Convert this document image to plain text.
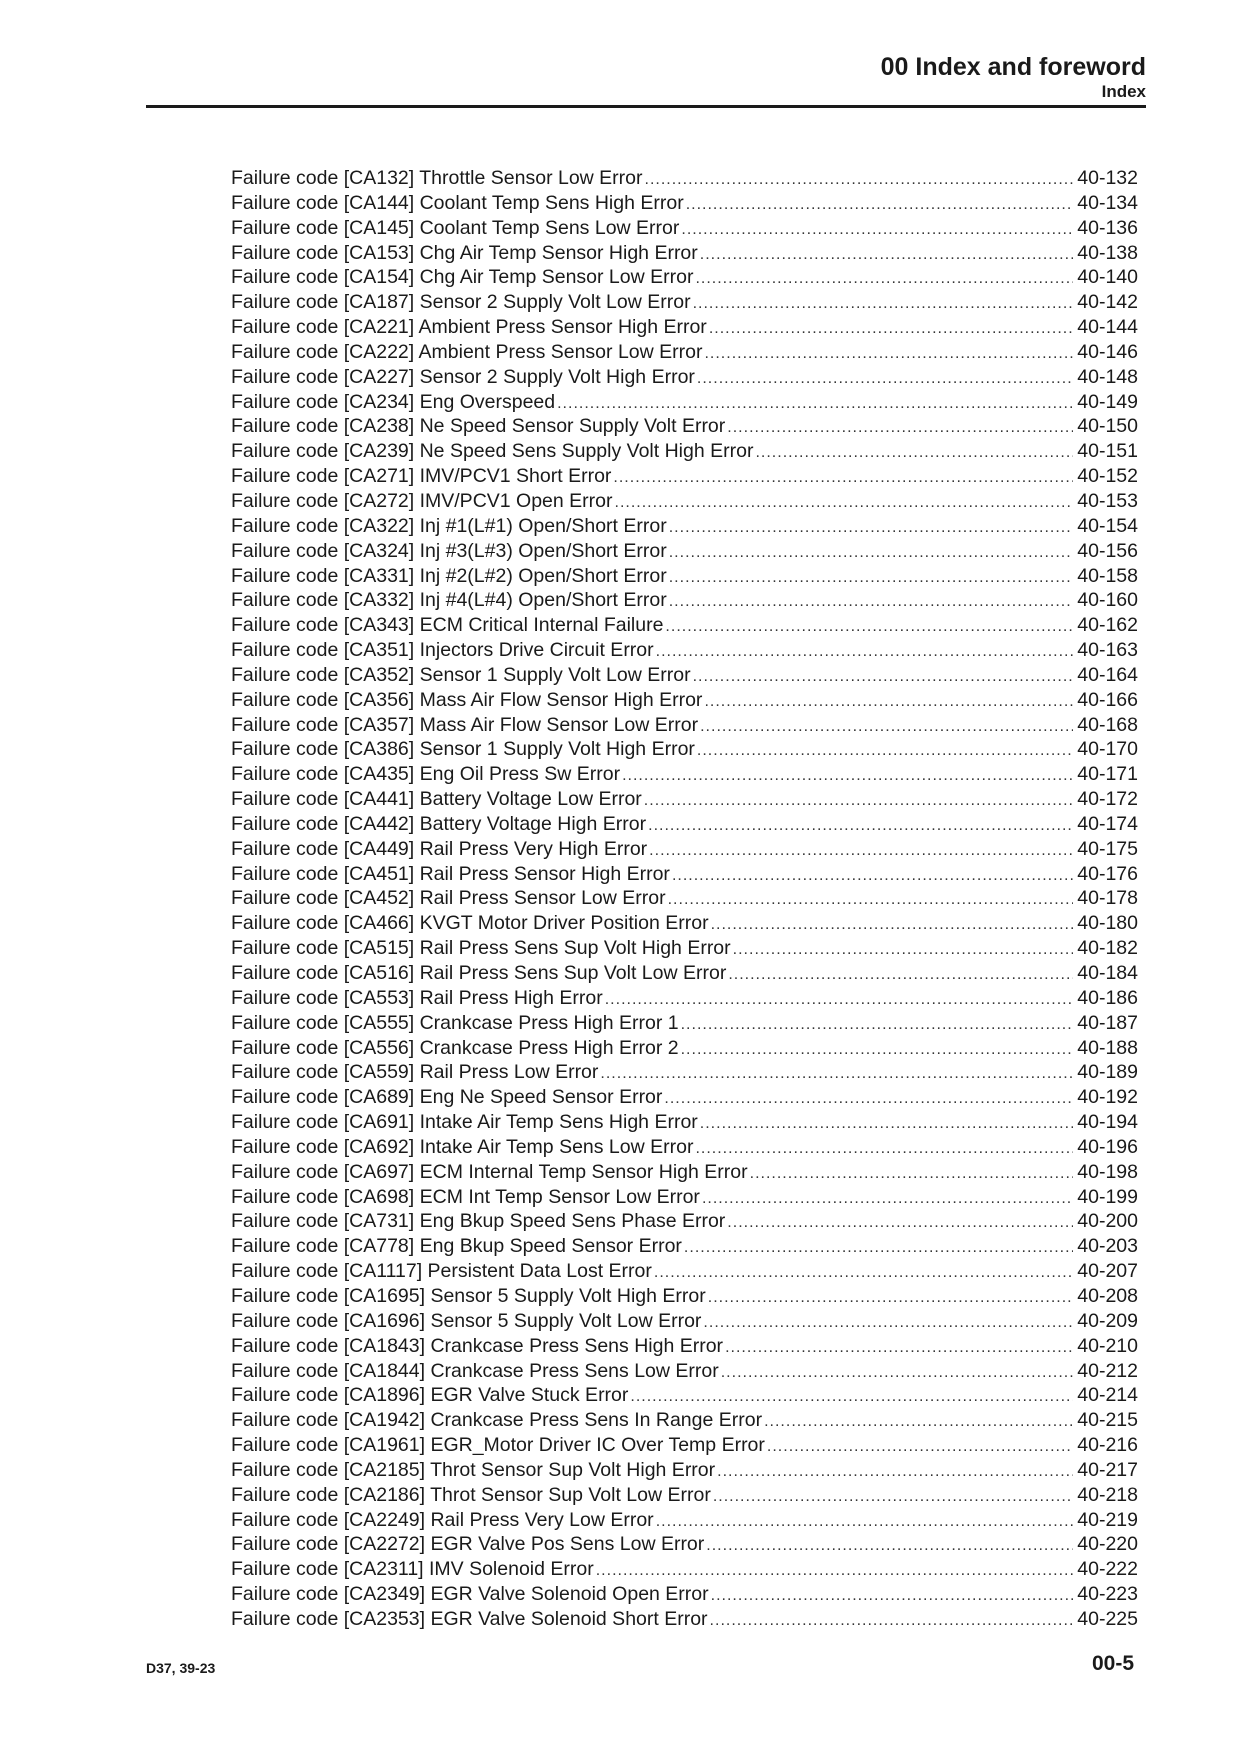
00 Index and foreword
Index
Failure code [CA132] Throttle Sensor Low Error .....	40-132
Failure code [CA144] Coolant Temp Sens High Error .....	40-134
Failure code [CA145] Coolant Temp Sens Low Error .....	40-136
Failure code [CA153] Chg Air Temp Sensor High Error .....	40-138
Failure code [CA154] Chg Air Temp Sensor Low Error .....	40-140
Failure code [CA187] Sensor 2 Supply Volt Low Error .....	40-142
Failure code [CA221] Ambient Press Sensor High Error .....	40-144
Failure code [CA222] Ambient Press Sensor Low Error .....	40-146
Failure code [CA227] Sensor 2 Supply Volt High Error .....	40-148
Failure code [CA234] Eng Overspeed .....	40-149
Failure code [CA238] Ne Speed Sensor Supply Volt Error .....	40-150
Failure code [CA239] Ne Speed Sens Supply Volt High Error .....	40-151
Failure code [CA271] IMV/PCV1 Short Error .....	40-152
Failure code [CA272] IMV/PCV1 Open Error .....	40-153
Failure code [CA322] Inj #1(L#1) Open/Short Error .....	40-154
Failure code [CA324] Inj #3(L#3) Open/Short Error .....	40-156
Failure code [CA331] Inj #2(L#2) Open/Short Error .....	40-158
Failure code [CA332] Inj #4(L#4) Open/Short Error .....	40-160
Failure code [CA343] ECM Critical Internal Failure .....	40-162
Failure code [CA351] Injectors Drive Circuit Error .....	40-163
Failure code [CA352] Sensor 1 Supply Volt Low Error .....	40-164
Failure code [CA356] Mass Air Flow Sensor High Error .....	40-166
Failure code [CA357] Mass Air Flow Sensor Low Error .....	40-168
Failure code [CA386] Sensor 1 Supply Volt High Error .....	40-170
Failure code [CA435] Eng Oil Press Sw Error .....	40-171
Failure code [CA441] Battery Voltage Low Error .....	40-172
Failure code [CA442] Battery Voltage High Error .....	40-174
Failure code [CA449] Rail Press Very High Error .....	40-175
Failure code [CA451] Rail Press Sensor High Error .....	40-176
Failure code [CA452] Rail Press Sensor Low Error .....	40-178
Failure code [CA466] KVGT Motor Driver Position Error .....	40-180
Failure code [CA515] Rail Press Sens Sup Volt High Error .....	40-182
Failure code [CA516] Rail Press Sens Sup Volt Low Error .....	40-184
Failure code [CA553] Rail Press High Error .....	40-186
Failure code [CA555] Crankcase Press High Error 1 .....	40-187
Failure code [CA556] Crankcase Press High Error 2 .....	40-188
Failure code [CA559] Rail Press Low Error .....	40-189
Failure code [CA689] Eng Ne Speed Sensor Error .....	40-192
Failure code [CA691] Intake Air Temp Sens High Error .....	40-194
Failure code [CA692] Intake Air Temp Sens Low Error .....	40-196
Failure code [CA697] ECM Internal Temp Sensor High Error .....	40-198
Failure code [CA698] ECM Int Temp Sensor Low Error .....	40-199
Failure code [CA731] Eng Bkup Speed Sens Phase Error .....	40-200
Failure code [CA778] Eng Bkup Speed Sensor Error .....	40-203
Failure code [CA1117] Persistent Data Lost Error .....	40-207
Failure code [CA1695] Sensor 5 Supply Volt High Error .....	40-208
Failure code [CA1696] Sensor 5 Supply Volt Low Error .....	40-209
Failure code [CA1843] Crankcase Press Sens High Error .....	40-210
Failure code [CA1844] Crankcase Press Sens Low Error .....	40-212
Failure code [CA1896] EGR Valve Stuck Error .....	40-214
Failure code [CA1942] Crankcase Press Sens In Range Error .....	40-215
Failure code [CA1961] EGR_Motor Driver IC Over Temp Error .....	40-216
Failure code [CA2185] Throt Sensor Sup Volt High Error .....	40-217
Failure code [CA2186] Throt Sensor Sup Volt Low Error .....	40-218
Failure code [CA2249] Rail Press Very Low Error .....	40-219
Failure code [CA2272] EGR Valve Pos Sens Low Error .....	40-220
Failure code [CA2311] IMV Solenoid Error .....	40-222
Failure code [CA2349] EGR Valve Solenoid Open Error .....	40-223
Failure code [CA2353] EGR Valve Solenoid Short Error .....	40-225
D37, 39-23	00-5
